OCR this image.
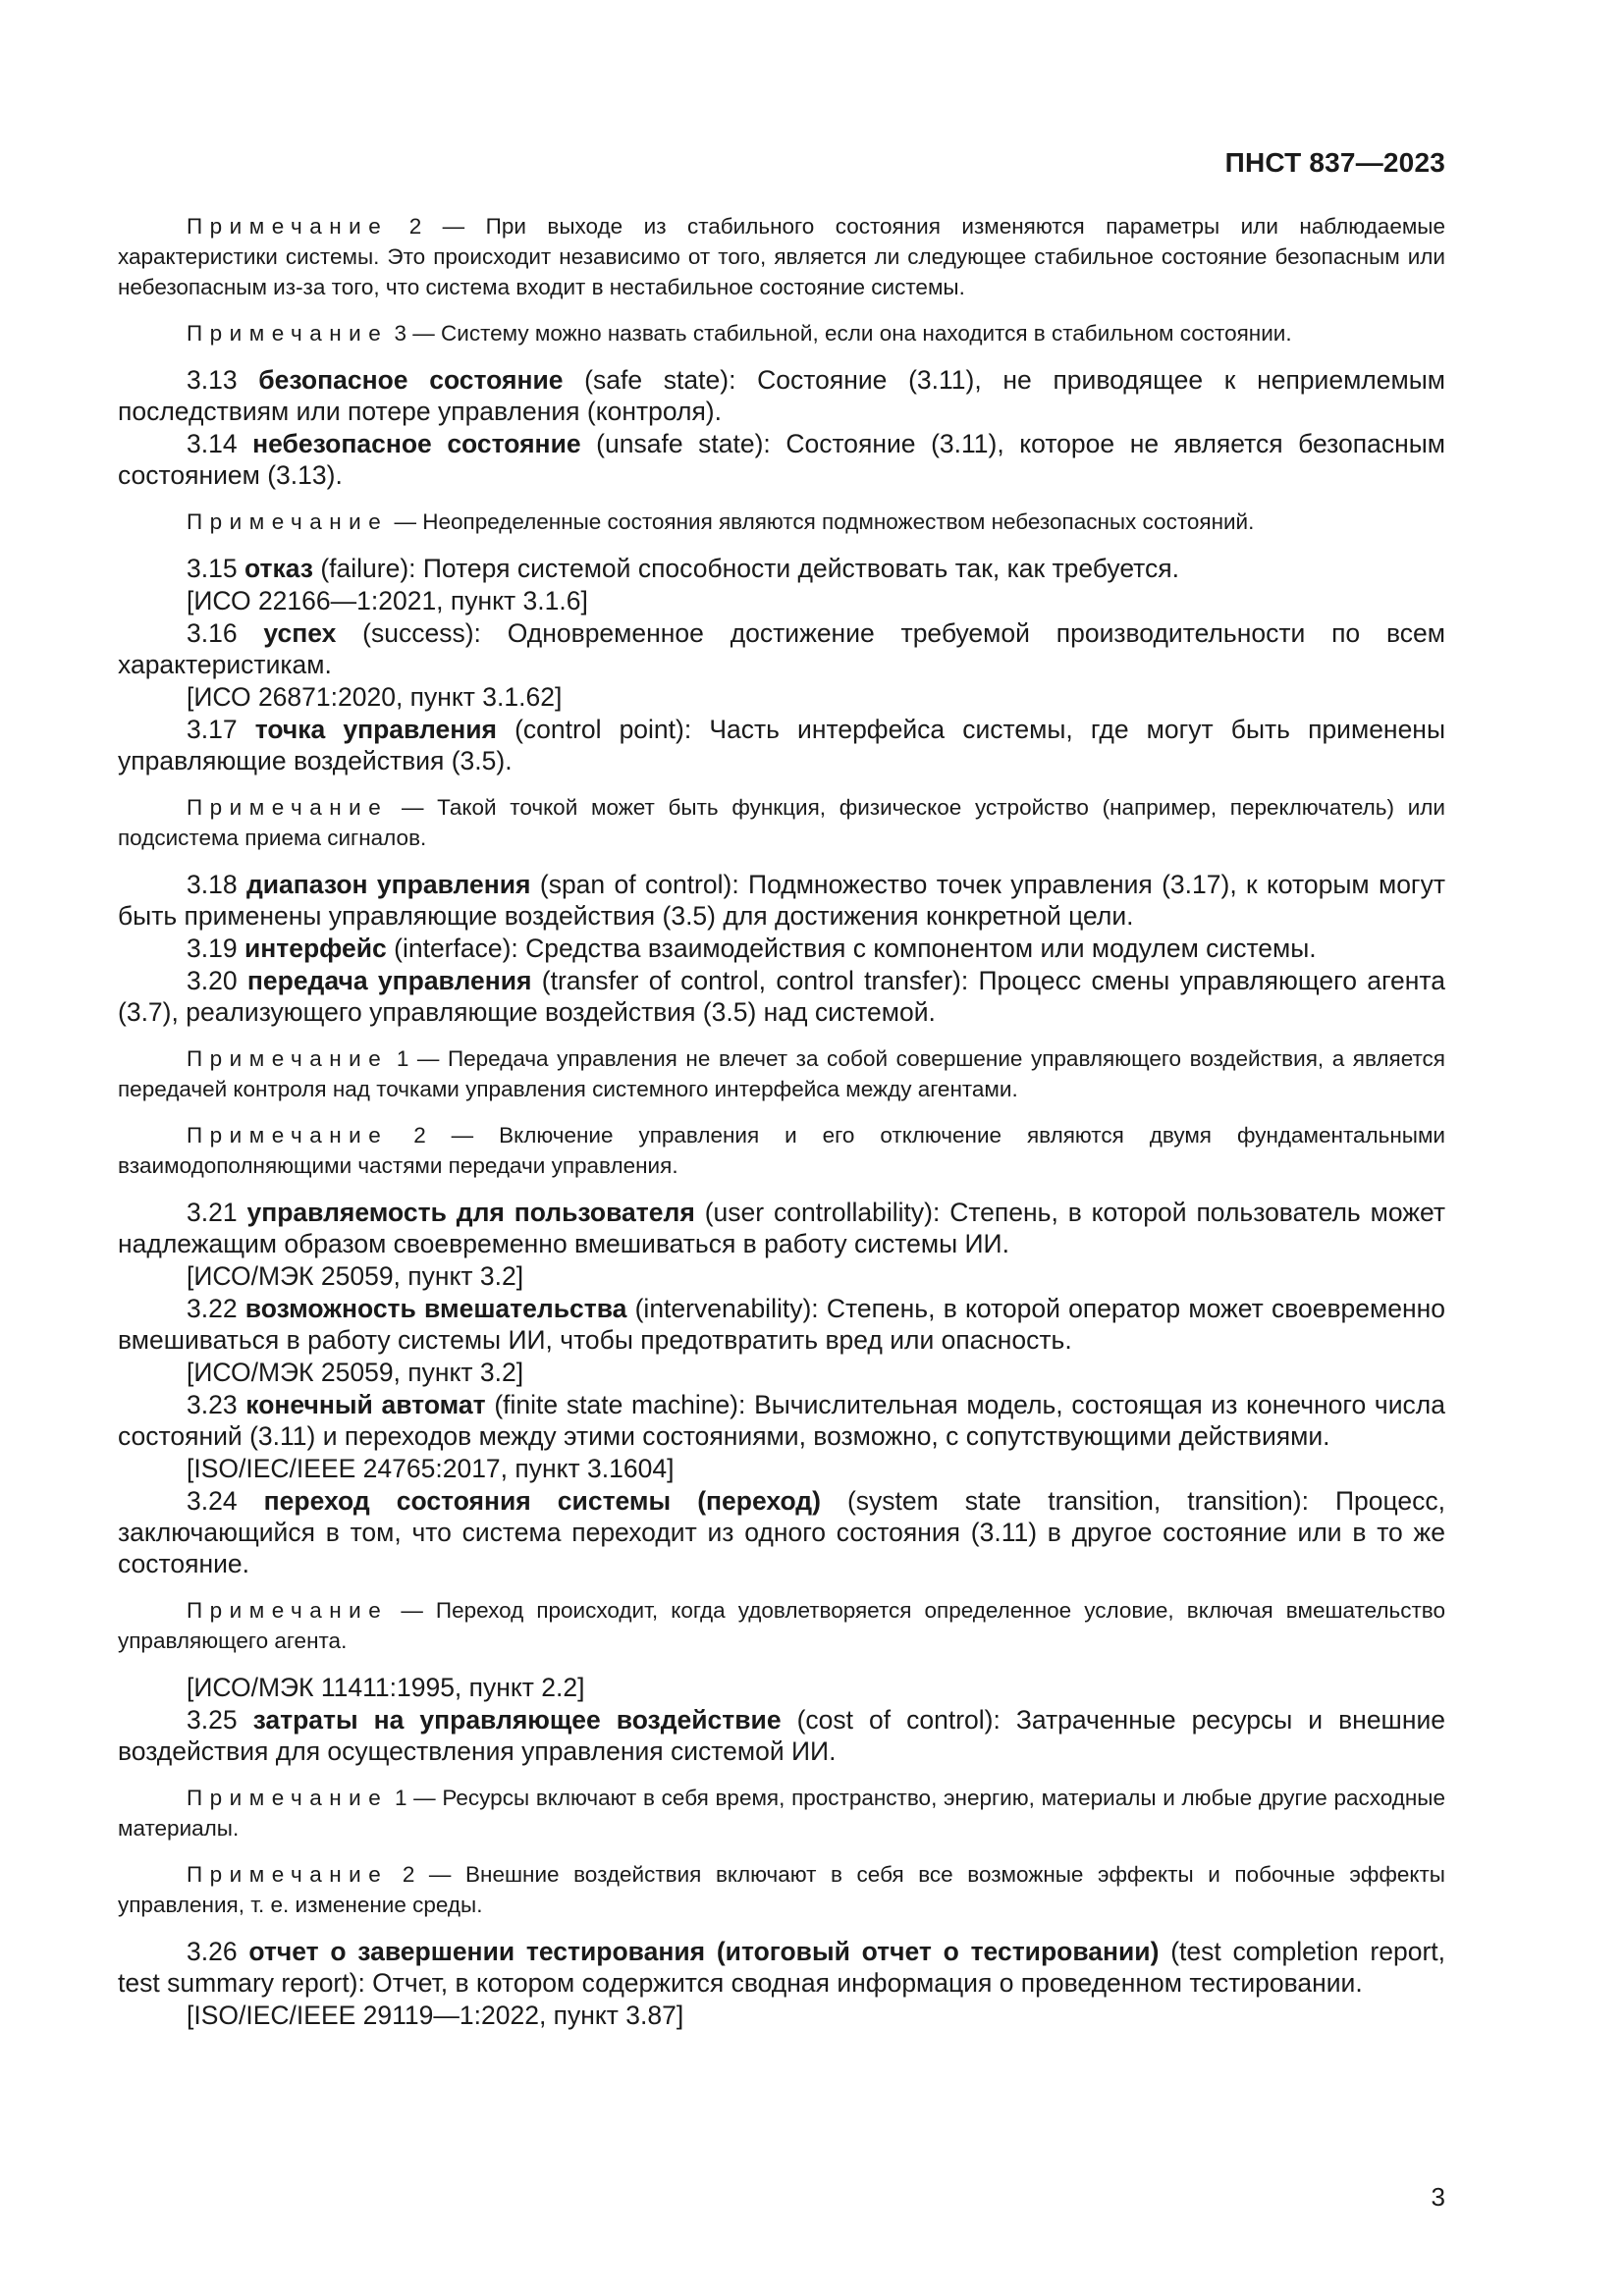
ПНСТ 837—2023

Примечание 2 — При выходе из стабильного состояния изменяются параметры или наблюдаемые характеристики системы. Это происходит независимо от того, является ли следующее стабильное состояние безопасным или небезопасным из-за того, что система входит в нестабильное состояние системы.

Примечание 3 — Систему можно назвать стабильной, если она находится в стабильном состоянии.

3.13 безопасное состояние (safe state): Состояние (3.11), не приводящее к неприемлемым последствиям или потере управления (контроля).

3.14 небезопасное состояние (unsafe state): Состояние (3.11), которое не является безопасным состоянием (3.13).

Примечание — Неопределенные состояния являются подмножеством небезопасных состояний.

3.15 отказ (failure): Потеря системой способности действовать так, как требуется.

[ИСО 22166—1:2021, пункт 3.1.6]

3.16 успех (success): Одновременное достижение требуемой производительности по всем характеристикам.

[ИСО 26871:2020, пункт 3.1.62]

3.17 точка управления (control point): Часть интерфейса системы, где могут быть применены управляющие воздействия (3.5).

Примечание — Такой точкой может быть функция, физическое устройство (например, переключатель) или подсистема приема сигналов.

3.18 диапазон управления (span of control): Подмножество точек управления (3.17), к которым могут быть применены управляющие воздействия (3.5) для достижения конкретной цели.

3.19 интерфейс (interface): Средства взаимодействия с компонентом или модулем системы.

3.20 передача управления (transfer of control, control transfer): Процесс смены управляющего агента (3.7), реализующего управляющие воздействия (3.5) над системой.

Примечание 1 — Передача управления не влечет за собой совершение управляющего воздействия, а является передачей контроля над точками управления системного интерфейса между агентами.

Примечание 2 — Включение управления и его отключение являются двумя фундаментальными взаимодополняющими частями передачи управления.

3.21 управляемость для пользователя (user controllability): Степень, в которой пользователь может надлежащим образом своевременно вмешиваться в работу системы ИИ.

[ИСО/МЭК 25059, пункт 3.2]

3.22 возможность вмешательства (intervenability): Степень, в которой оператор может своевременно вмешиваться в работу системы ИИ, чтобы предотвратить вред или опасность.

[ИСО/МЭК 25059, пункт 3.2]

3.23 конечный автомат (finite state machine): Вычислительная модель, состоящая из конечного числа состояний (3.11) и переходов между этими состояниями, возможно, с сопутствующими действиями.

[ISO/IEC/IEEE 24765:2017, пункт 3.1604]

3.24 переход состояния системы (переход) (system state transition, transition): Процесс, заключающийся в том, что система переходит из одного состояния (3.11) в другое состояние или в то же состояние.

Примечание — Переход происходит, когда удовлетворяется определенное условие, включая вмешательство управляющего агента.

[ИСО/МЭК 11411:1995, пункт 2.2]

3.25 затраты на управляющее воздействие (cost of control): Затраченные ресурсы и внешние воздействия для осуществления управления системой ИИ.

Примечание 1 — Ресурсы включают в себя время, пространство, энергию, материалы и любые другие расходные материалы.

Примечание 2 — Внешние воздействия включают в себя все возможные эффекты и побочные эффекты управления, т. е. изменение среды.

3.26 отчет о завершении тестирования (итоговый отчет о тестировании) (test completion report, test summary report): Отчет, в котором содержится сводная информация о проведенном тестировании.

[ISO/IEC/IEEE 29119—1:2022, пункт 3.87]

3
